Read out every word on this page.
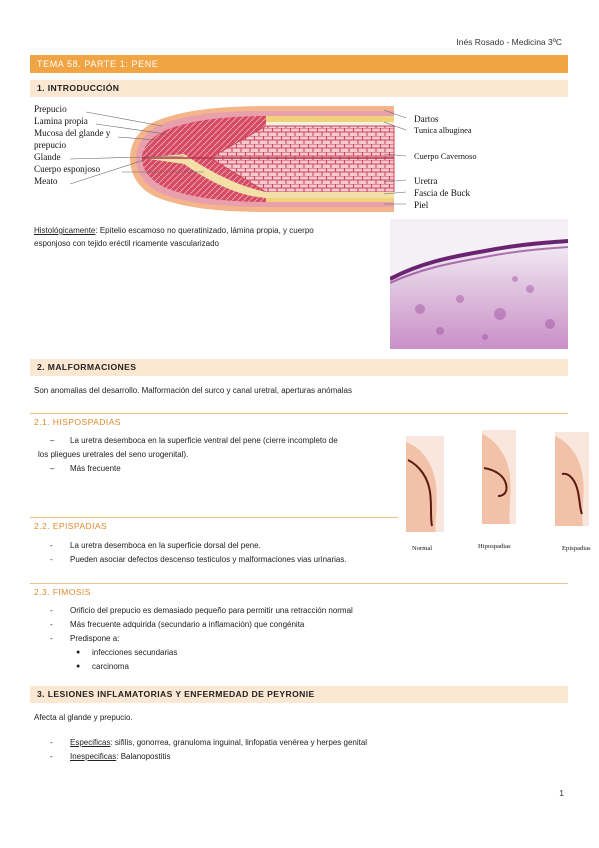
Inés Rosado - Medicina 3ºC
TEMA 58. PARTE 1: PENE
1. INTRODUCCIÓN
Prepucio
Lamina propia
Mucosa del glande y
prepucio
Glande
Cuerpo esponjoso
Meato
Dartos
Tunica albuginea
Cuerpo Cavernoso
Uretra
Fascia de Buck
Piel
Histológicamente: Epitelio escamoso no queratinizado, lámina propia, y cuerpo
esponjoso con tejido eréctil ricamente vascularizado
2. MALFORMACIONES
Son anomalias del desarrollo. Malformación del surco y canal uretral, aperturas anómalas
2.1. HISPOSPADIAS
– La uretra desemboca en la superficie ventral del pene (cierre incompleto de
los pliegues uretrales del seno urogenital).
– Más frecuente
2.2. EPISPADIAS
- La uretra desemboca en la superficie dorsal del pene.
- Pueden asociar defectos descenso testiculos y malformaciones vias urinarias.
Normal	Hipospadias	Epispadias
2.3. FIMOSIS
- Orificio del prepucio es demasiado pequeño para permitir una retracción normal
- Más frecuente adquirida (secundario a inflamación) que congénita
- Predispone a:
● infecciones secundarias
● carcinoma
3. LESIONES INFLAMATORIAS Y ENFERMEDAD DE PEYRONIE
Afecta al glande y prepucio.
- Especificas: sifilis, gonorrea, granuloma inguinal, linfopatia venérea y herpes genital
- Inespecificas: Balanopostitis
1
